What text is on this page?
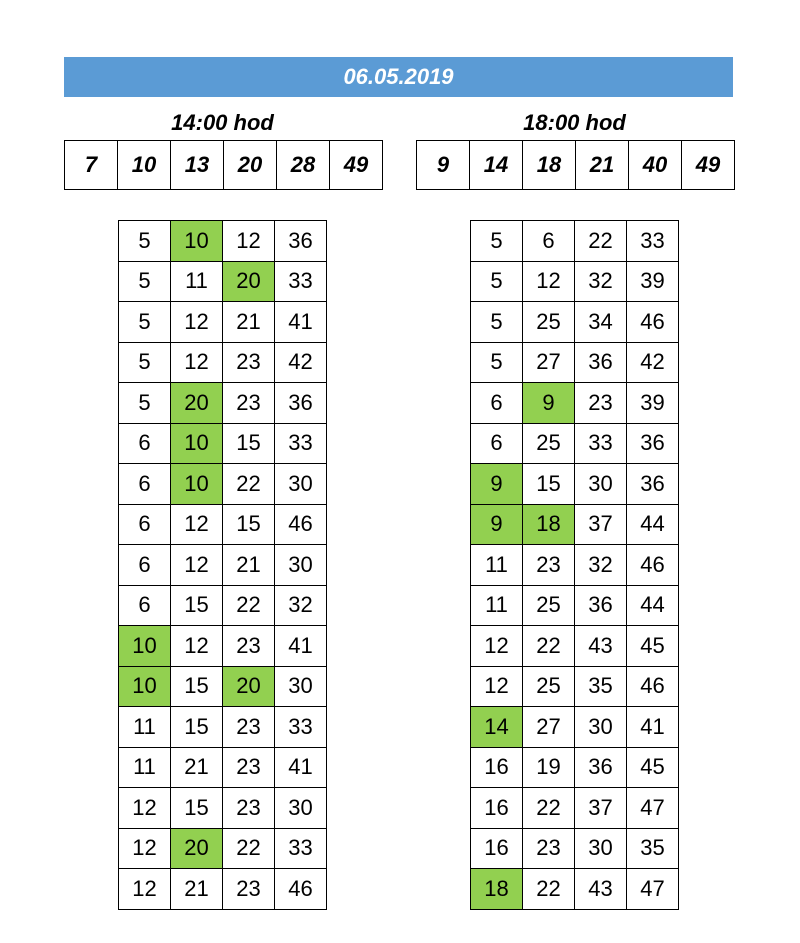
06.05.2019
14:00 hod	18:00 hod
7	10	13	20	28	49	9	14	18	21	40	49
5	10	12	36
5	11	20	33
5	12	21	41
5	12	23	42
5	20	23	36
6	10	15	33
6	10	22	30
6	12	15	46
6	12	21	30
6	15	22	32
10	12	23	41
10	15	20	30
11	15	23	33
11	21	23	41
12	15	23	30
12	20	22	33
12	21	23	46
5	6	22	33
5	12	32	39
5	25	34	46
5	27	36	42
6	9	23	39
6	25	33	36
9	15	30	36
9	18	37	44
11	23	32	46
11	25	36	44
12	22	43	45
12	25	35	46
14	27	30	41
16	19	36	45
16	22	37	47
16	23	30	35
18	22	43	47
